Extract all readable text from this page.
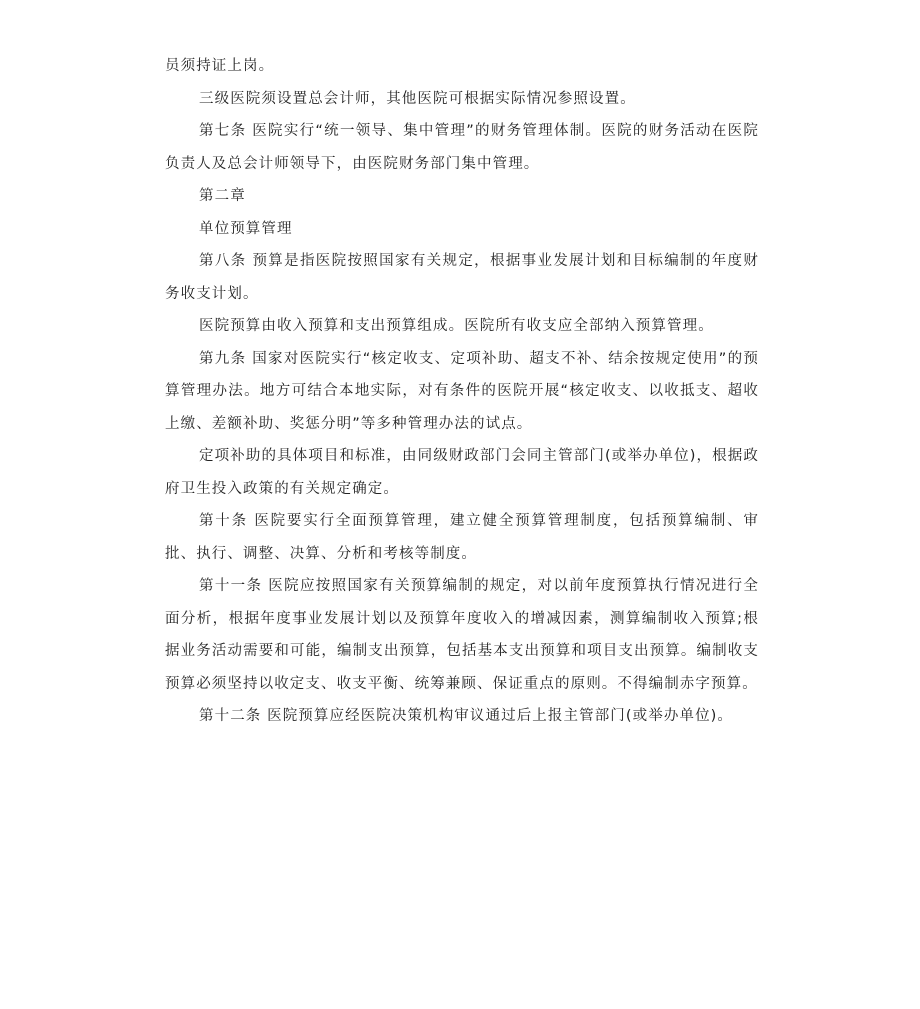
员须持证上岗。

三级医院须设置总会计师，其他医院可根据实际情况参照设置。

第七条 医院实行“统一领导、集中管理”的财务管理体制。医院的财务活动在医院负责人及总会计师领导下，由医院财务部门集中管理。

第二章

单位预算管理

第八条 预算是指医院按照国家有关规定，根据事业发展计划和目标编制的年度财务收支计划。

医院预算由收入预算和支出预算组成。医院所有收支应全部纳入预算管理。

第九条 国家对医院实行“核定收支、定项补助、超支不补、结余按规定使用”的预算管理办法。地方可结合本地实际，对有条件的医院开展“核定收支、以收抵支、超收上缴、差额补助、奖惩分明”等多种管理办法的试点。

定项补助的具体项目和标准，由同级财政部门会同主管部门(或举办单位)，根据政府卫生投入政策的有关规定确定。

第十条 医院要实行全面预算管理，建立健全预算管理制度，包括预算编制、审批、执行、调整、决算、分析和考核等制度。

第十一条 医院应按照国家有关预算编制的规定，对以前年度预算执行情况进行全面分析，根据年度事业发展计划以及预算年度收入的增减因素，测算编制收入预算;根据业务活动需要和可能，编制支出预算，包括基本支出预算和项目支出预算。编制收支预算必须坚持以收定支、收支平衡、统筹兼顾、保证重点的原则。不得编制赤字预算。

第十二条 医院预算应经医院决策机构审议通过后上报主管部门(或举办单位)。
